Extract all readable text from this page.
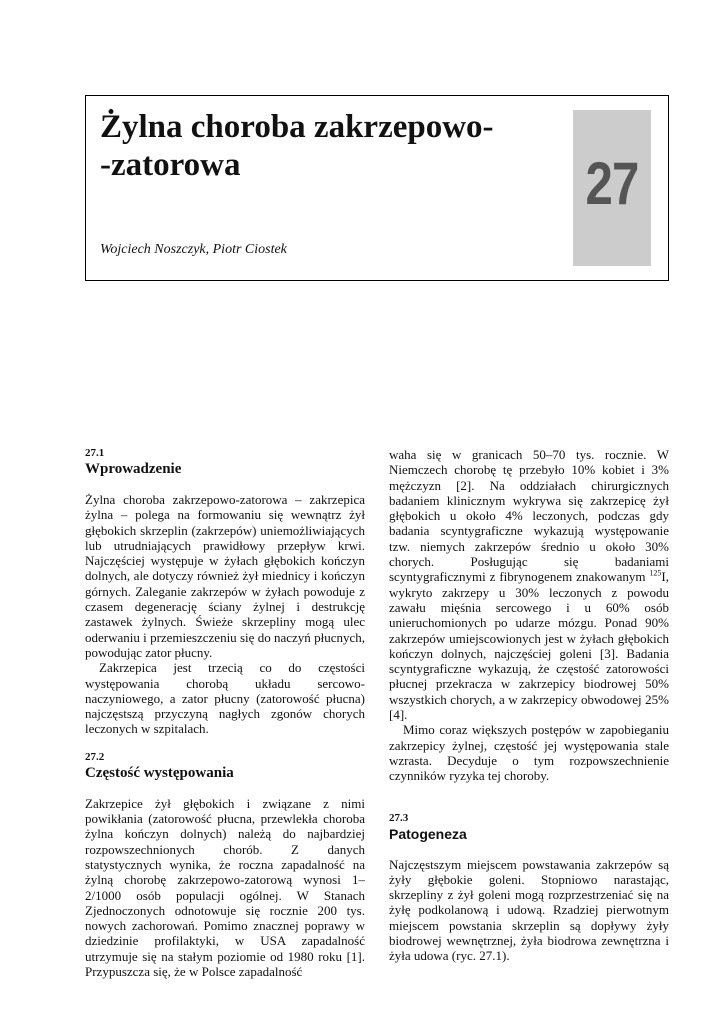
Żylna choroba zakrzepowo-
-zatorowa
Wojciech Noszczyk, Piotr Ciostek
27
27.1
Wprowadzenie

Żylna choroba zakrzepowo-zatorowa – zakrzepica żylna – polega na formowaniu się wewnątrz żył głębokich skrzeplin (zakrzepów) uniemożliwiających lub utrudniających prawidłowy przepływ krwi. Najczęściej występuje w żyłach głębokich kończyn dolnych, ale dotyczy również żył miednicy i kończyn górnych. Zaleganie zakrzepów w żyłach powoduje z czasem degenerację ściany żylnej i destrukcję zastawek żylnych. Świeże skrzepliny mogą ulec oderwaniu i przemieszczeniu się do naczyń płucnych, powodując zator płucny.

Zakrzepica jest trzecią co do częstości występowania chorobą układu sercowo-naczyniowego, a zator płucny (zatorowość płucna) najczęstszą przyczyną nagłych zgonów chorych leczonych w szpitalach.

27.2
Częstość występowania

Zakrzepice żył głębokich i związane z nimi powikłania (zatorowość płucna, przewlekła choroba żylna kończyn dolnych) należą do najbardziej rozpowszechnionych chorób. Z danych statystycznych wynika, że roczna zapadalność na żylną chorobę zakrzepowo-zatorową wynosi 1–2/1000 osób populacji ogólnej. W Stanach Zjednoczonych odnotowuje się rocznie 200 tys. nowych zachorowań. Pomimo znacznej poprawy w dziedzinie profilaktyki, w USA zapadalność utrzymuje się na stałym poziomie od 1980 roku [1]. Przypuszcza się, że w Polsce zapadalność

waha się w granicach 50–70 tys. rocznie. W Niemczech chorobę tę przebyło 10% kobiet i 3% mężczyzn [2]. Na oddziałach chirurgicznych badaniem klinicznym wykrywa się zakrzepicę żył głębokich u około 4% leczonych, podczas gdy badania scyntygraficzne wykazują występowanie tzw. niemych zakrzepów średnio u około 30% chorych. Posługując się badaniami scyntygraficznymi z fibrynogenem znakowanym $^{125}$I, wykryto zakrzepy u 30% leczonych z powodu zawału mięśnia sercowego i u 60% osób unieruchomionych po udarze mózgu. Ponad 90% zakrzepów umiejscowionych jest w żyłach głębokich kończyn dolnych, najczęściej goleni [3]. Badania scyntygraficzne wykazują, że częstość zatorowości płucnej przekracza w zakrzepicy biodrowej 50% wszystkich chorych, a w zakrzepicy obwodowej 25% [4].

Mimo coraz większych postępów w zapobieganiu zakrzepicy żylnej, częstość jej występowania stale wzrasta. Decyduje o tym rozpowszechnienie czynników ryzyka tej choroby.

27.3
Patogeneza

Najczęstszym miejscem powstawania zakrzepów są żyły głębokie goleni. Stopniowo narastając, skrzepliny z żył goleni mogą rozprzestrzeniać się na żyłę podkolanową i udową. Rzadziej pierwotnym miejscem powstania skrzeplin są dopływy żyły biodrowej wewnętrznej, żyła biodrowa zewnętrzna i żyła udowa (ryc. 27.1).
